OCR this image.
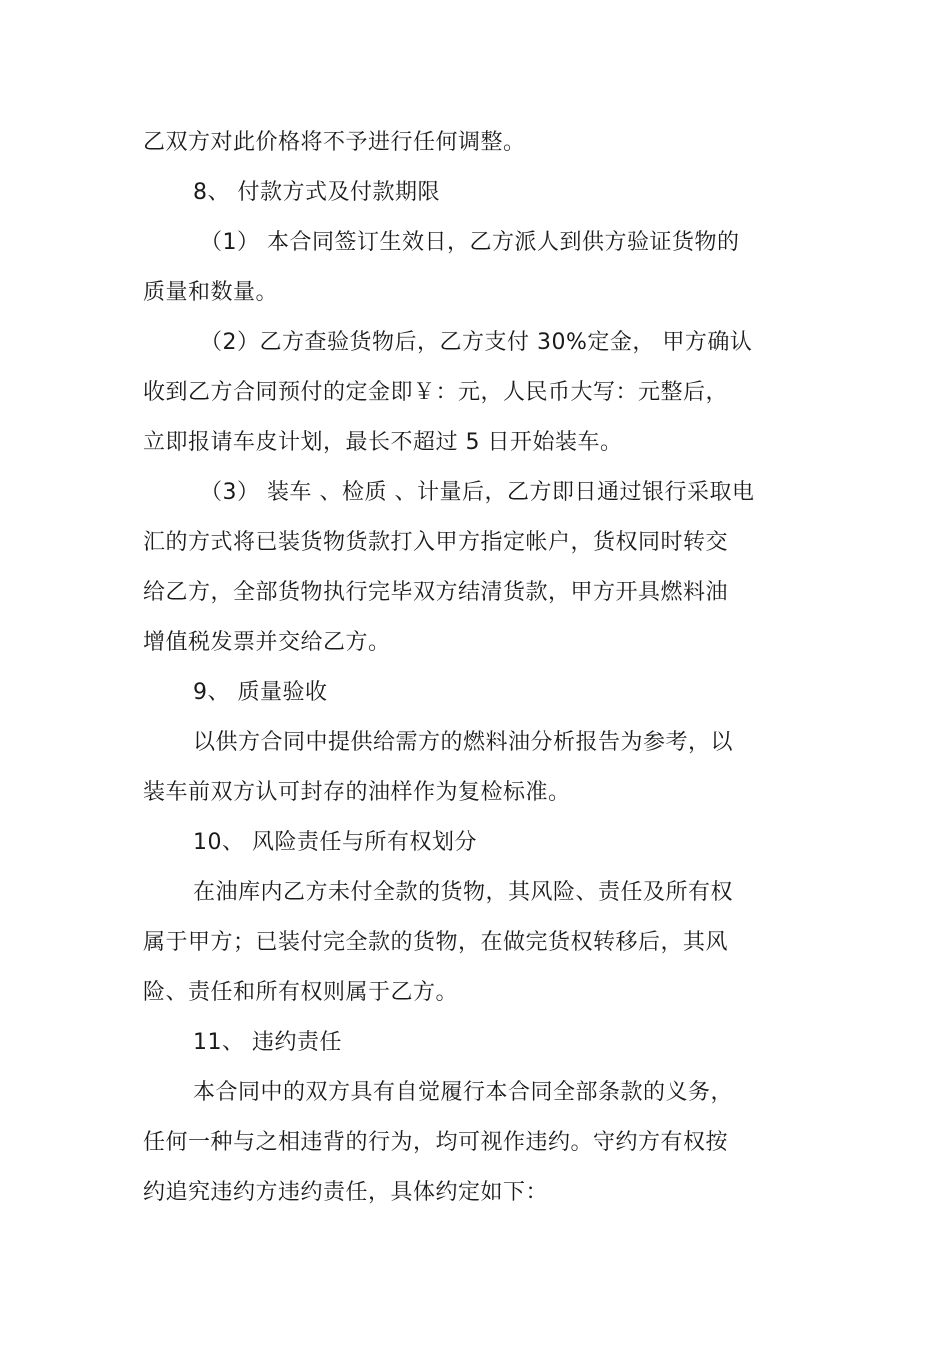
乙双方对此价格将不予进行任何调整。
8、 付款方式及付款期限
（1） 本合同签订生效日，乙方派人到供方验证货物的
质量和数量。
（2）乙方查验货物后，乙方支付 30%定金， 甲方确认
收到乙方合同预付的定金即￥：元，人民币大写：元整后，
立即报请车皮计划，最长不超过 5 日开始装车。
（3） 装车 、检质 、计量后，乙方即日通过银行采取电
汇的方式将已装货物货款打入甲方指定帐户，货权同时转交
给乙方，全部货物执行完毕双方结清货款，甲方开具燃料油
增值税发票并交给乙方。
9、 质量验收
以供方合同中提供给需方的燃料油分析报告为参考，以
装车前双方认可封存的油样作为复检标准。
10、 风险责任与所有权划分
在油库内乙方未付全款的货物，其风险、责任及所有权
属于甲方；已装付完全款的货物，在做完货权转移后，其风
险、责任和所有权则属于乙方。
11、 违约责任
本合同中的双方具有自觉履行本合同全部条款的义务，
任何一种与之相违背的行为，均可视作违约。守约方有权按
约追究违约方违约责任，具体约定如下：
